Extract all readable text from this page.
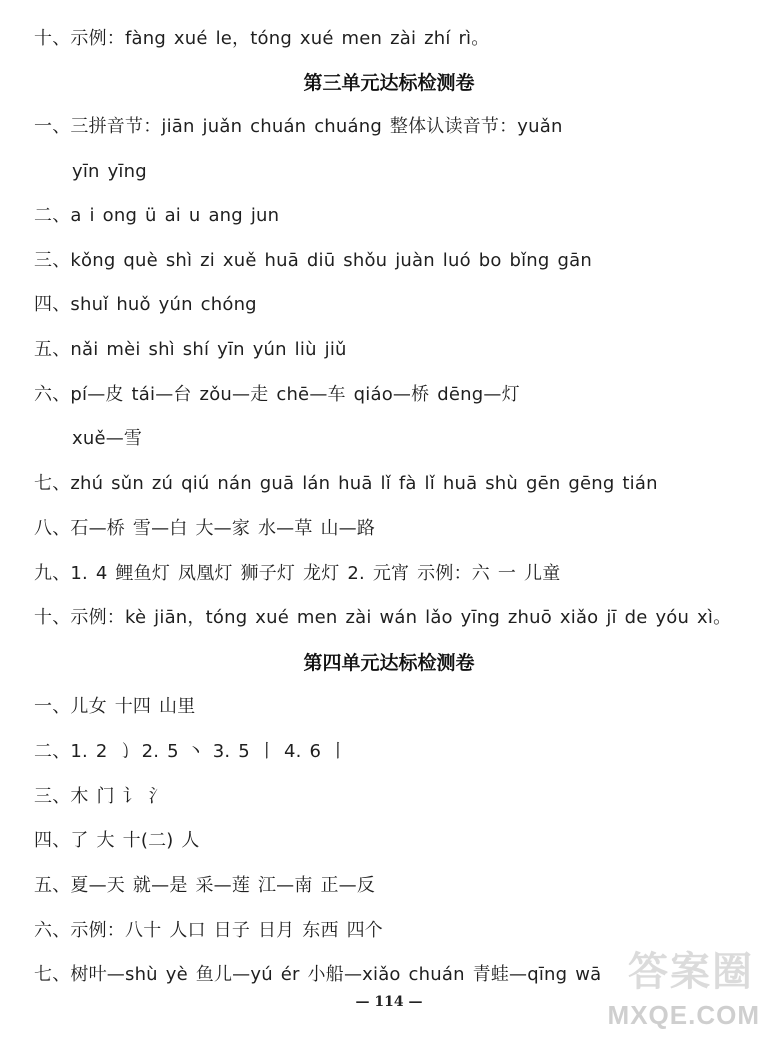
十、示例：fàng xué le，tóng xué men zài zhí rì。
第三单元达标检测卷
一、三拼音节：jiān juǎn chuán chuáng 整体认读音节：yuǎn
yīn yīng
二、a i ong ü ai u ang jun
三、kǒng què shì zi xuě huā diū shǒu juàn luó bo bǐng gān
四、shuǐ huǒ yún chóng
五、nǎi mèi shì shí yīn yún liù jiǔ
六、pí—皮 tái—台 zǒu—走 chē—车 qiáo—桥 dēng—灯
xuě—雪
七、zhú sǔn zú qiú nán guā lán huā lǐ fà lǐ huā shù gēn gēng tián
八、石—桥 雪—白 大—家 水—草 山—路
九、1. 4 鲤鱼灯 凤凰灯 狮子灯 龙灯 2. 元宵 示例：六 一 儿童
十、示例：kè jiān，tóng xué men zài wán lǎo yīng zhuō xiǎo jī de yóu xì。
第四单元达标检测卷
一、儿女 十四 山里
二、1. 2 ㇁ 2. 5 丶 3. 5 丨 4. 6 丨
三、木 门 讠 氵
四、了 大 十(二) 人
五、夏—天 就—是 采—莲 江—南 正—反
六、示例：八十 人口 日子 日月 东西 四个
七、树叶—shù yè 鱼儿—yú ér 小船—xiǎo chuán 青蛙—qīng wā
— 114 —
答案圈
MXQE.COM
